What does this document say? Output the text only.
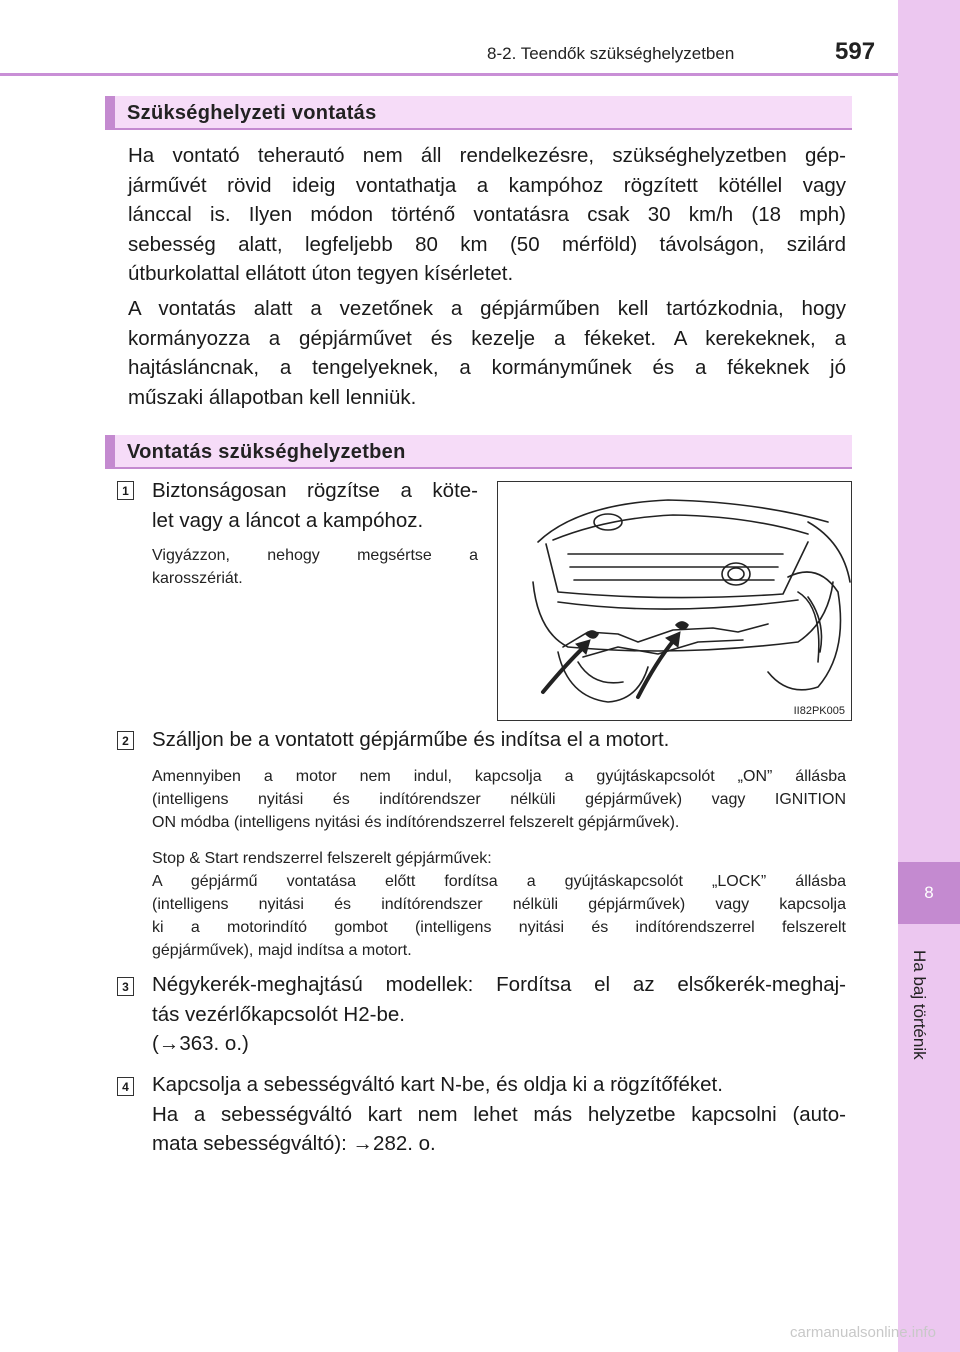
8-2. Teendők szükséghelyzetben	597
8
Ha baj történik
Szükséghelyzeti vontatás
Ha vontató teherautó nem áll rendelkezésre, szükséghelyzetben gép-
járművét rövid ideig vontathatja a kampóhoz rögzített kötéllel vagy
lánccal is. Ilyen módon történő vontatásra csak 30 km/h (18 mph)
sebesség alatt, legfeljebb 80 km (50 mérföld) távolságon, szilárd
útburkolattal ellátott úton tegyen kísérletet.
A vontatás alatt a vezetőnek a gépjárműben kell tartózkodnia, hogy
kormányozza a gépjárművet és kezelje a fékeket. A kerekeknek, a
hajtásláncnak, a tengelyeknek, a kormányműnek és a fékeknek jó
műszaki állapotban kell lenniük.
Vontatás szükséghelyzetben
1 Biztonságosan rögzítse a köte-
let vagy a láncot a kampóhoz.
Vigyázzon, nehogy megsértse a
karosszériát.
II82PK005
2 Szálljon be a vontatott gépjárműbe és indítsa el a motort.
Amennyiben a motor nem indul, kapcsolja a gyújtáskapcsolót „ON” állásba
(intelligens nyitási és indítórendszer nélküli gépjárművek) vagy IGNITION
ON módba (intelligens nyitási és indítórendszerrel felszerelt gépjárművek).
Stop & Start rendszerrel felszerelt gépjárművek:
A gépjármű vontatása előtt fordítsa a gyújtáskapcsolót „LOCK” állásba
(intelligens nyitási és indítórendszer nélküli gépjárművek) vagy kapcsolja
ki a motorindító gombot (intelligens nyitási és indítórendszerrel felszerelt
gépjárművek), majd indítsa a motort.
3 Négykerék-meghajtású modellek: Fordítsa el az elsőkerék-meghaj-
tás vezérlőkapcsolót H2-be.
(→363. o.)
4 Kapcsolja a sebességváltó kart N-be, és oldja ki a rögzítőféket.
Ha a sebességváltó kart nem lehet más helyzetbe kapcsolni (auto-
mata sebességváltó): →282. o.
carmanualsonline.info
